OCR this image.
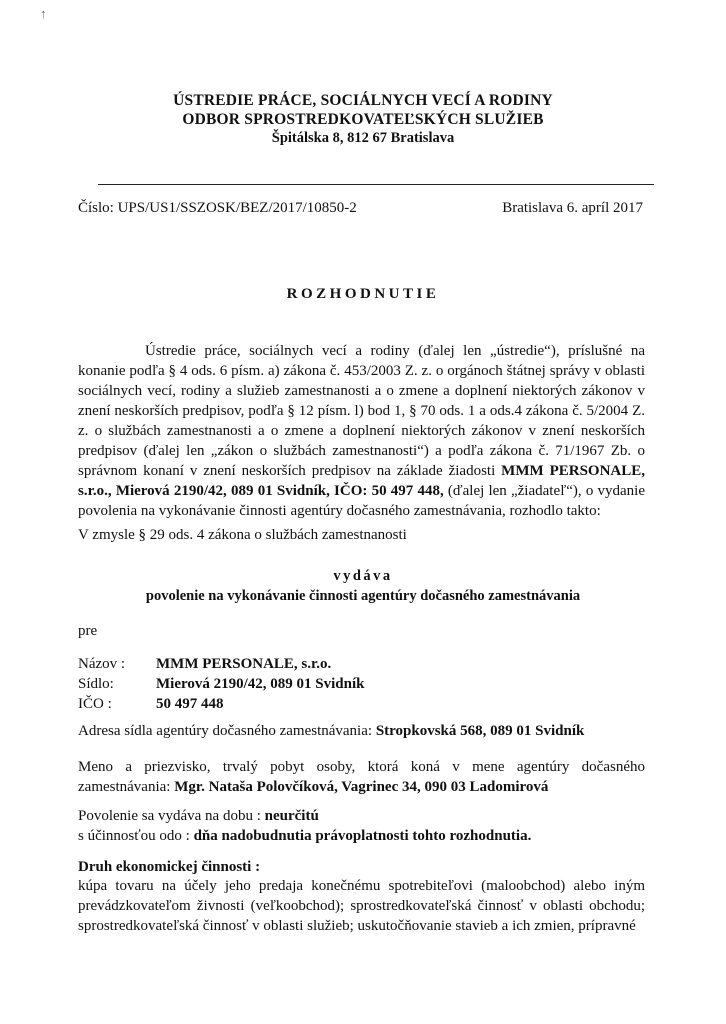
↑
ÚSTREDIE PRÁCE, SOCIÁLNYCH VECÍ A RODINY
ODBOR SPROSTREDKOVATEĽSKÝCH SLUŽIEB
Špitálska 8, 812 67 Bratislava
Číslo: UPS/US1/SSZOSK/BEZ/2017/10850-2	Bratislava 6. apríl 2017
ROZHODNUTIE
Ústredie práce, sociálnych vecí a rodiny (ďalej len „ústredie“), príslušné na konanie podľa § 4 ods. 6 písm. a) zákona č. 453/2003 Z. z. o orgánoch štátnej správy v oblasti sociálnych vecí, rodiny a služieb zamestnanosti a o zmene a doplnení niektorých zákonov v znení neskorších predpisov, podľa § 12 písm. l) bod 1, § 70 ods. 1 a ods.4 zákona č. 5/2004 Z. z. o službách zamestnanosti a o zmene a doplnení niektorých zákonov v znení neskorších predpisov (ďalej len „zákon o službách zamestnanosti“) a podľa zákona č. 71/1967 Zb. o správnom konaní v znení neskorších predpisov na základe žiadosti MMM PERSONALE, s.r.o., Mierová 2190/42, 089 01 Svidník, IČO: 50 497 448, (ďalej len „žiadateľ“), o vydanie povolenia na vykonávanie činnosti agentúry dočasného zamestnávania, rozhodlo takto:
V zmysle § 29 ods. 4 zákona o službách zamestnanosti
vydáva
povolenie na vykonávanie činnosti agentúry dočasného zamestnávania
pre
Názov : MMM PERSONALE, s.r.o.
Sídlo:	Mierová 2190/42, 089 01 Svidník
IČO :	50 497 448
Adresa sídla agentúry dočasného zamestnávania: Stropkovská 568, 089 01 Svidník
Meno a priezvisko, trvalý pobyt osoby, ktorá koná v mene agentúry dočasného zamestnávania: Mgr. Nataša Polovčíková, Vagrinec 34, 090 03 Ladomirová
Povolenie sa vydáva na dobu : neurčitú
s účinnosťou odo : dňa nadobudnutia právoplatnosti tohto rozhodnutia.
Druh ekonomickej činnosti :
kúpa tovaru na účely jeho predaja konečnému spotrebiteľovi (maloobchod) alebo iným prevádzkovateľom živnosti (veľkoobchod); sprostredkovateľská činnosť v oblasti obchodu; sprostredkovateľská činnosť v oblasti služieb; uskutočňovanie stavieb a ich zmien, prípravné
